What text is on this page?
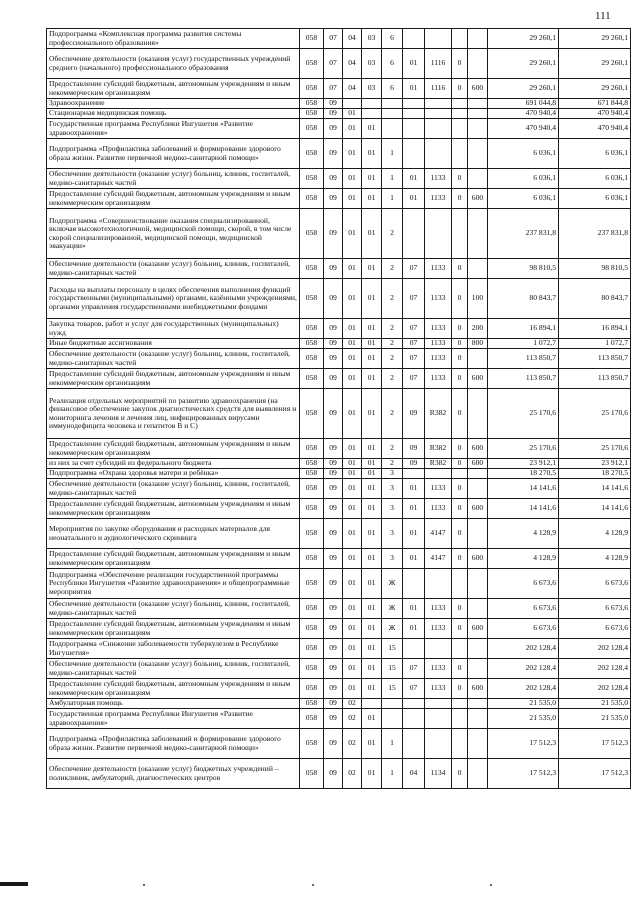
111
Подпрограмма «Комплексная программа развития системы профессионального образования»	058	07	04	03	6					29 260,1	29 260,1
Обеспечение деятельности (оказания услуг) государственных учреждений среднего (начального) профессионального образования	058	07	04	03	6	01	1116	0		29 260,1	29 260,1
Предоставление субсидий бюджетным, автономным учреждениям и иным некоммерческим организациям	058	07	04	03	6	01	1116	0	600	29 260,1	29 260,1
Здравоохранение	058	09								691 044,8	671 844,8
Стационарная медицинская помощь	058	09	01							470 940,4	470 940,4
Государственная программа Республики Ингушетия «Развитие здравоохранения»	058	09	01	01						470 940,4	470 940,4
Подпрограмма «Профилактика заболеваний и формирование здорового образа жизни. Развитие первичной медико-санитарной помощи»	058	09	01	01	1					6 036,1	6 036,1
Обеспечение деятельности (оказание услуг) больниц, клиник, госпиталей, медико-санитарных частей	058	09	01	01	1	01	1133	0		6 036,1	6 036,1
Предоставление субсидий бюджетным, автономным учреждениям и иным некоммерческим организациям	058	09	01	01	1	01	1133	0	600	6 036,1	6 036,1
Подпрограмма «Совершенствование оказания специализированной, включая высокотехнологичной, медицинской помощи, скорой, в том числе скорой специализированной, медицинской помощи, медицинской эвакуации»	058	09	01	01	2					237 831,8	237 831,8
Обеспечение деятельности (оказание услуг) больниц, клиник, госпиталей, медико-санитарных частей	058	09	01	01	2	07	1133	0		98 810,5	98 810,5
Расходы на выплаты персоналу в целях обеспечения выполнения функций государственными (муниципальными) органами, казёнными учреждениями, органами управления государственными внебюджетными фондами	058	09	01	01	2	07	1133	0	100	80 843,7	80 843,7
Закупка товаров, работ и услуг для государственных (муниципальных) нужд	058	09	01	01	2	07	1133	0	200	16 894,1	16 894,1
Иные бюджетные ассигнования	058	09	01	01	2	07	1133	0	800	1 072,7	1 072,7
Обеспечение деятельности (оказание услуг) больниц, клиник, госпиталей, медико-санитарных частей	058	09	01	01	2	07	1133	0		113 850,7	113 850,7
Предоставление субсидий бюджетным, автономным учреждениям и иным некоммерческим организациям	058	09	01	01	2	07	1133	0	600	113 850,7	113 850,7
Реализация отдельных мероприятий по развитию здравоохранения (на финансовое обеспечение закупок диагностических средств для выявления и мониторинга лечения и лечения лиц, инфицированных вирусами иммунодефицита человека и гепатитов В и С)	058	09	01	01	2	09	R382	0		25 170,6	25 170,6
Предоставление субсидий бюджетным, автономным учреждениям и иным некоммерческим организациям	058	09	01	01	2	09	R382	0	600	25 170,6	25 170,6
из них за счет субсидий из федерального бюджета	058	09	01	01	2	09	R382	0	600	23 912,1	23 912,1
Подпрограмма «Охрана здоровья матери и ребёнка»	058	09	01	01	3					18 270,5	18 270,5
Обеспечение деятельности (оказание услуг) больниц, клиник, госпиталей, медико-санитарных частей	058	09	01	01	3	01	1133	0		14 141,6	14 141,6
Предоставление субсидий бюджетным, автономным учреждениям и иным некоммерческим организациям	058	09	01	01	3	01	1133	0	600	14 141,6	14 141,6
Мероприятия по закупке оборудования и расходных материалов для неонатального и аудиологического скрининга	058	09	01	01	3	01	4147	0		4 128,9	4 128,9
Предоставление субсидий бюджетным, автономным учреждениям и иным некоммерческим организациям	058	09	01	01	3	01	4147	0	600	4 128,9	4 128,9
Подпрограмма «Обеспечение реализации государственной программы Республики Ингушетия «Развитие здравоохранения» и общепрограммные мероприятия	058	09	01	01	Ж					6 673,6	6 673,6
Обеспечение деятельности (оказание услуг) больниц, клиник, госпиталей, медико-санитарных частей	058	09	01	01	Ж	01	1133	0		6 673,6	6 673,6
Предоставление субсидий бюджетным, автономным учреждениям и иным некоммерческим организациям	058	09	01	01	Ж	01	1133	0	600	6 673,6	6 673,6
Подпрограмма «Снижение заболеваемости туберкулезом в Республике Ингушетия»	058	09	01	01	15					202 128,4	202 128,4
Обеспечение деятельности (оказание услуг) больниц, клиник, госпиталей, медико-санитарных частей	058	09	01	01	15	07	1133	0		202 128,4	202 128,4
Предоставление субсидий бюджетным, автономным учреждениям и иным некоммерческим организациям	058	09	01	01	15	07	1133	0	600	202 128,4	202 128,4
Амбулаторная помощь	058	09	02							21 535,0	21 535,0
Государственная программа Республики Ингушетия «Развитие здравоохранения»	058	09	02	01						21 535,0	21 535,0
Подпрограмма «Профилактика заболеваний и формирование здорового образа жизни. Развитие первичной медико-санитарной помощи»	058	09	02	01	1					17 512,3	17 512,3
Обеспечение деятельности (оказание услуг) бюджетных учреждений – поликлиник, амбулаторий, диагностических центров	058	09	02	01	1	04	1134	0		17 512,3	17 512,3
